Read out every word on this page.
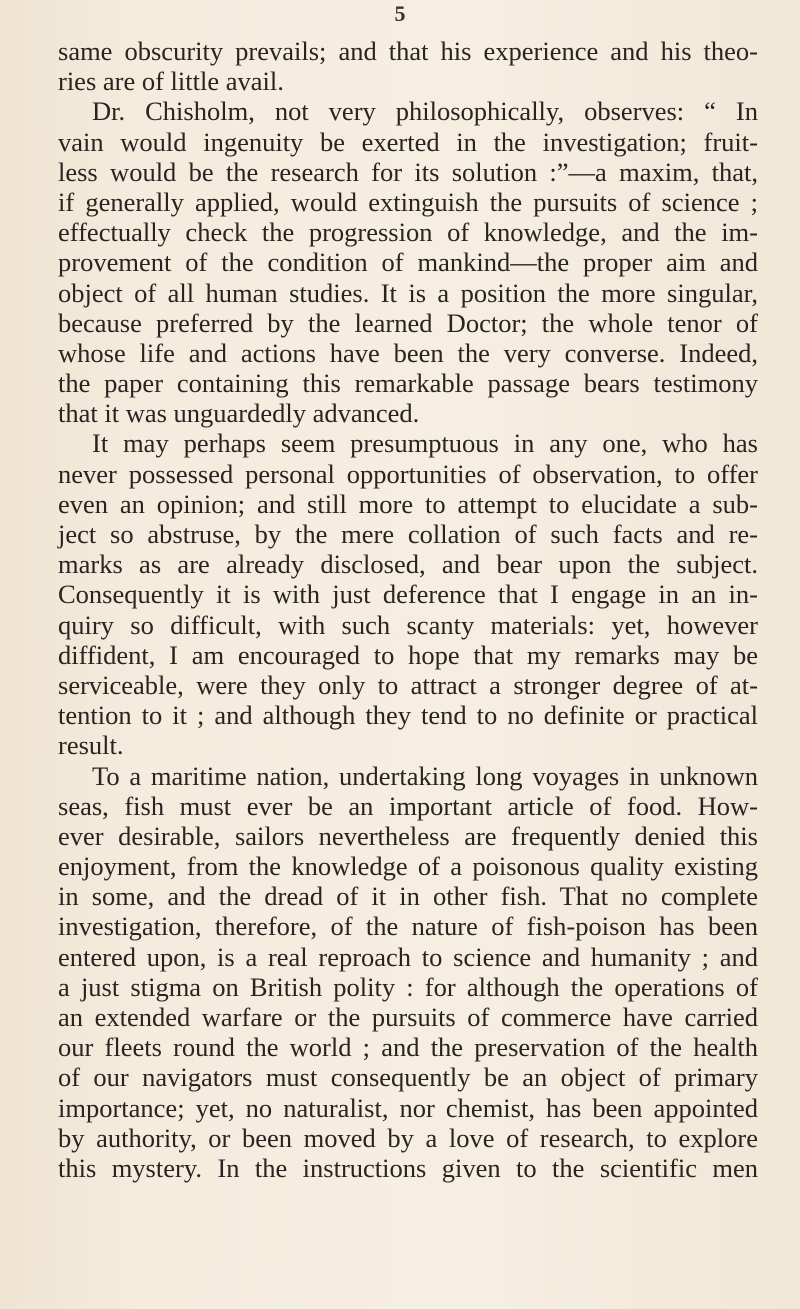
5
same obscurity prevails; and that his experience and his theo-
ries are of little avail.
Dr. Chisholm, not very philosophically, observes: “ In
vain would ingenuity be exerted in the investigation; fruit-
less would be the research for its solution :”—a maxim, that,
if generally applied, would extinguish the pursuits of science ;
effectually check the progression of knowledge, and the im-
provement of the condition of mankind—the proper aim and
object of all human studies. It is a position the more singular,
because preferred by the learned Doctor; the whole tenor of
whose life and actions have been the very converse. Indeed,
the paper containing this remarkable passage bears testimony
that it was unguardedly advanced.
It may perhaps seem presumptuous in any one, who has
never possessed personal opportunities of observation, to offer
even an opinion; and still more to attempt to elucidate a sub-
ject so abstruse, by the mere collation of such facts and re-
marks as are already disclosed, and bear upon the subject.
Consequently it is with just deference that I engage in an in-
quiry so difficult, with such scanty materials: yet, however
diffident, I am encouraged to hope that my remarks may be
serviceable, were they only to attract a stronger degree of at-
tention to it ; and although they tend to no definite or practical
result.
To a maritime nation, undertaking long voyages in unknown
seas, fish must ever be an important article of food. How-
ever desirable, sailors nevertheless are frequently denied this
enjoyment, from the knowledge of a poisonous quality existing
in some, and the dread of it in other fish. That no complete
investigation, therefore, of the nature of fish-poison has been
entered upon, is a real reproach to science and humanity ; and
a just stigma on British polity : for although the operations of
an extended warfare or the pursuits of commerce have carried
our fleets round the world ; and the preservation of the health
of our navigators must consequently be an object of primary
importance; yet, no naturalist, nor chemist, has been appointed
by authority, or been moved by a love of research, to explore
this mystery. In the instructions given to the scientific men
